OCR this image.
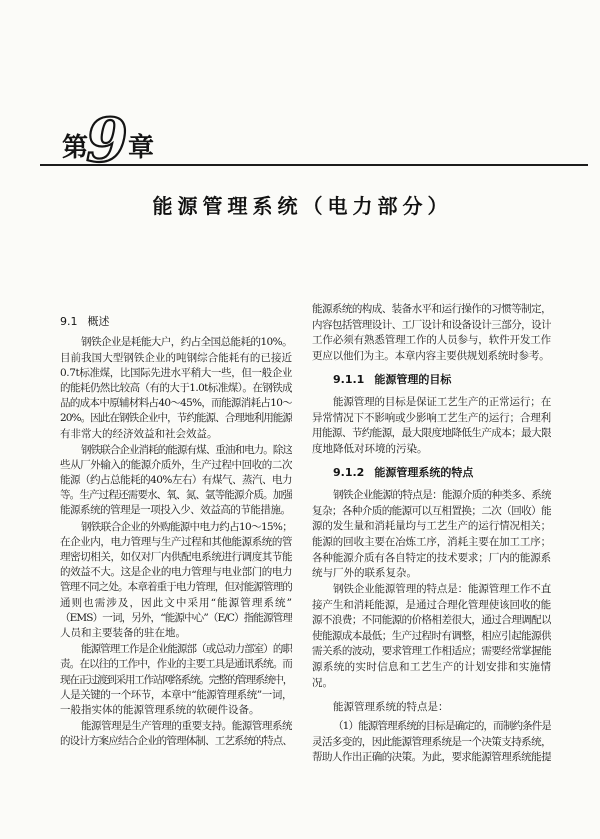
第
9 章
能源管理系统（电力部分）
9.1 概述
钢铁企业是耗能大户，约占全国总能耗的10%。
目前我国大型钢铁企业的吨钢综合能耗有的已接近
0.7t标准煤，比国际先进水平稍大一些，但一般企业
的能耗仍然比较高（有的大于1.0t标准煤）。在钢铁成
品的成本中原辅材料占40～45%，而能源消耗占10～
20%。因此在钢铁企业中，节约能源、合理地利用能源
有非常大的经济效益和社会效益。
钢铁联合企业消耗的能源有煤、重油和电力。除这
些从厂外输入的能源介质外，生产过程中回收的二次
能源（约占总能耗的40%左右）有煤气、蒸汽、电力
等。生产过程还需要水、氧、氮、氩等能源介质。加强
能源系统的管理是一项投入少、效益高的节能措施。
钢铁联合企业的外购能源中电力约占10～15%；
在企业内，电力管理与生产过程和其他能源系统的管
理密切相关，如仅对厂内供配电系统进行调度其节能
的效益不大。这是企业的电力管理与电业部门的电力
管理不同之处。本章着重于电力管理，但对能源管理的
通则也需涉及，因此文中采用“能源管理系统”
（EMS）一词，另外，“能源中心”（E/C）指能源管理
人员和主要装备的驻在地。
能源管理工作是企业能源部（或总动力部室）的职
责。在以往的工作中，作业的主要工具是通讯系统。而
现在正过渡到采用工作站网络系统。完整的管理系统中，
人是关键的一个环节，本章中“能源管理系统”一词，
一般指实体的能源管理系统的软硬件设备。
能源管理是生产管理的重要支持。能源管理系统
的设计方案应结合企业的管理体制、工艺系统的特点、
能源系统的构成、装备水平和运行操作的习惯等制定，
内容包括管理设计、工厂设计和设备设计三部分，设计
工作必须有熟悉管理工作的人员参与，软件开发工作
更应以他们为主。本章内容主要供规划系统时参考。
9.1.1 能源管理的目标
能源管理的目标是保证工艺生产的正常运行；在
异常情况下不影响或少影响工艺生产的运行；合理利
用能源、节约能源，最大限度地降低生产成本；最大限
度地降低对环境的污染。
9.1.2 能源管理系统的特点
钢铁企业能源的特点是：能源介质的种类多、系统
复杂；各种介质的能源可以互相置换；二次（回收）能
源的发生量和消耗量均与工艺生产的运行情况相关；
能源的回收主要在冶炼工序，消耗主要在加工工序；
各种能源介质有各自特定的技术要求；厂内的能源系
统与厂外的联系复杂。
钢铁企业能源管理的特点是：能源管理工作不直
接产生和消耗能源，是通过合理化管理使该回收的能
源不浪费；不同能源的价格相差很大，通过合理调配以
使能源成本最低；生产过程时有调整，相应引起能源供
需关系的波动，要求管理工作相适应；需要经常掌握能
源系统的实时信息和工艺生产的计划安排和实施情
况。
能源管理系统的特点是：
（1）能源管理系统的目标是确定的，而制约条件是
灵活多变的，因此能源管理系统是一个决策支持系统，
帮助人作出正确的决策。为此，要求能源管理系统能提
